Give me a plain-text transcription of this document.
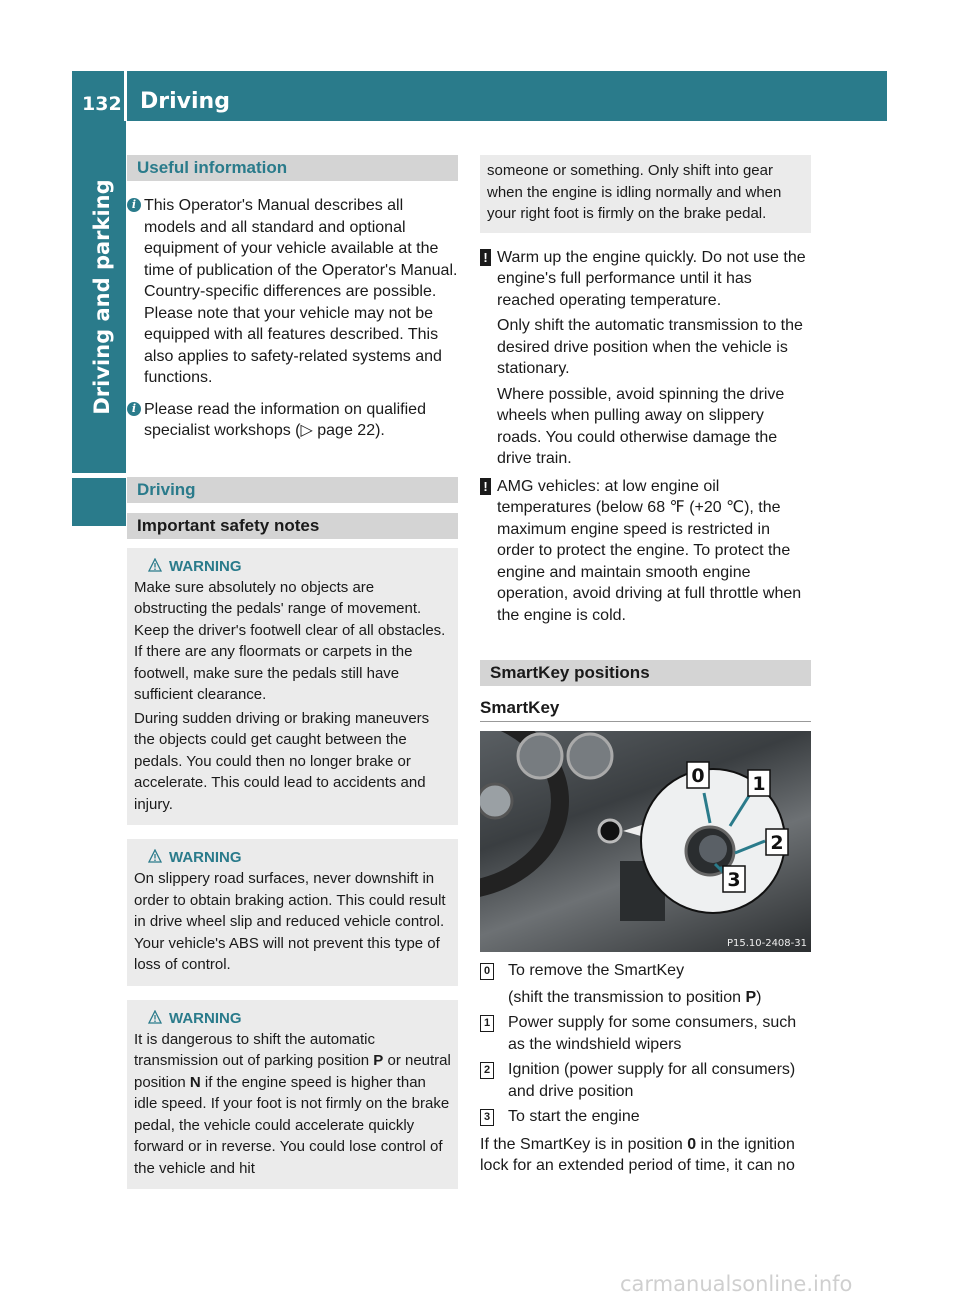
132 Driving
Driving and parking
Useful information
i This Operator's Manual describes all models and all standard and optional equipment of your vehicle available at the time of publication of the Operator's Manual. Country-specific differences are possible. Please note that your vehicle may not be equipped with all features described. This also applies to safety-related systems and functions.
i Please read the information on qualified specialist workshops (▷ page 22).
Driving
Important safety notes
WARNING

Make sure absolutely no objects are obstructing the pedals' range of movement. Keep the driver's footwell clear of all obstacles. If there are any floormats or carpets in the footwell, make sure the pedals still have sufficient clearance.

During sudden driving or braking maneuvers the objects could get caught between the pedals. You could then no longer brake or accelerate. This could lead to accidents and injury.

WARNING

On slippery road surfaces, never downshift in order to obtain braking action. This could result in drive wheel slip and reduced vehicle control. Your vehicle's ABS will not prevent this type of loss of control.

WARNING

It is dangerous to shift the automatic transmission out of parking position P or neutral position N if the engine speed is higher than idle speed. If your foot is not firmly on the brake pedal, the vehicle could accelerate quickly forward or in reverse. You could lose control of the vehicle and hit

someone or something. Only shift into gear when the engine is idling normally and when your right foot is firmly on the brake pedal.

! Warm up the engine quickly. Do not use the engine's full performance until it has reached operating temperature.

Only shift the automatic transmission to the desired drive position when the vehicle is stationary.

Where possible, avoid spinning the drive wheels when pulling away on slippery roads. You could otherwise damage the drive train.

! AMG vehicles: at low engine oil temperatures (below 68 ℉ (+20 ℃), the maximum engine speed is restricted in order to protect the engine. To protect the engine and maintain smooth engine operation, avoid driving at full throttle when the engine is cold.

SmartKey positions
SmartKey
0	1
2
3
P15.10-2408-31
0 To remove the SmartKey
(shift the transmission to position P)
1 Power supply for some consumers, such as the windshield wipers
2 Ignition (power supply for all consumers) and drive position
3 To start the engine

If the SmartKey is in position 0 in the ignition lock for an extended period of time, it can no

carmanualsonline.info
